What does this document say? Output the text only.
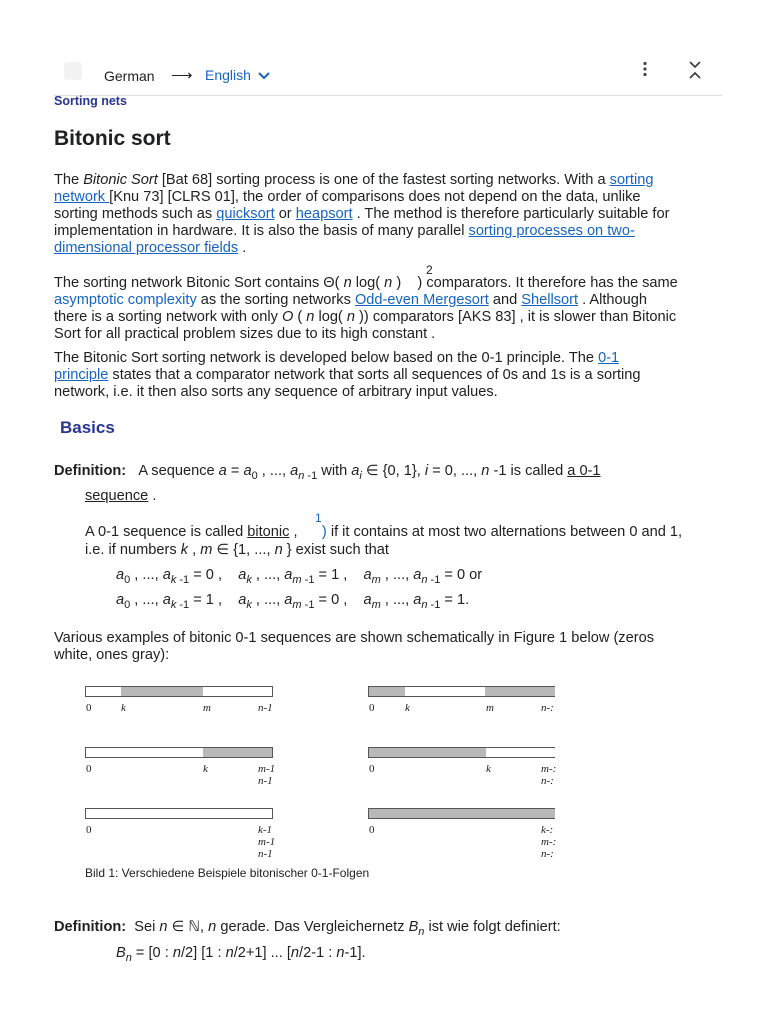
German ⟶ English
Sorting nets
Bitonic sort
The Bitonic Sort [Bat 68] sorting process is one of the fastest sorting networks. With a sorting
network [Knu 73] [CLRS 01], the order of comparisons does not depend on the data, unlike
sorting methods such as quicksort or heapsort . The method is therefore particularly suitable for
implementation in hardware. It is also the basis of many parallel sorting processes on two-
dimensional processor fields .
2
The sorting network Bitonic Sort contains Θ( n log( n )    ) comparators. It therefore has the same
asymptotic complexity as the sorting networks Odd-even Mergesort and Shellsort . Although
there is a sorting network with only O ( n log( n )) comparators [AKS 83] , it is slower than Bitonic
Sort for all practical problem sizes due to its high constant .
The Bitonic Sort sorting network is developed below based on the 0-1 principle. The 0-1
principle states that a comparator network that sorts all sequences of 0s and 1s is a sorting
network, i.e. it then also sorts any sequence of arbitrary input values.
Basics
Definition: A sequence $a = a_0$ , ..., $a_{n -1}$ with $a_i$ ∈ {0, 1}, i = 0, ..., n -1 is called a 0-1
sequence .
1
A 0-1 sequence is called bitonic , ) if it contains at most two alternations between 0 and 1,
i.e. if numbers k , m ∈ {1, ..., n } exist such that
$a_0$ , ..., $a_{k -1} = 0$ , $a_k$ , ..., $a_{m -1} = 1$ , $a_m$ , ..., $a_{n -1} = 0$ or
$a_0$ , ..., $a_{k -1} = 1$ , $a_k$ , ..., $a_{m -1} = 0$ , $a_m$ , ..., $a_{n -1} = 1$.
Various examples of bitonic 0-1 sequences are shown schematically in Figure 1 below (zeros
white, ones gray):
0	k	m	n-1	0	k	m	n-:
0	k	m-1
n-1
0	k	m-:
n-:
0	k-1
m-1
n-1
0	k-:
m-:
n-:
Bild 1: Verschiedene Beispiele bitonischer 0-1-Folgen
Definition: Sei n ∈ ℕ, n gerade. Das Vergleichernetz $B_n$ ist wie folgt definiert:
$B_n = [0$ : n/2] [1 : n/2+1] ... [n/2-1 : n-1].
